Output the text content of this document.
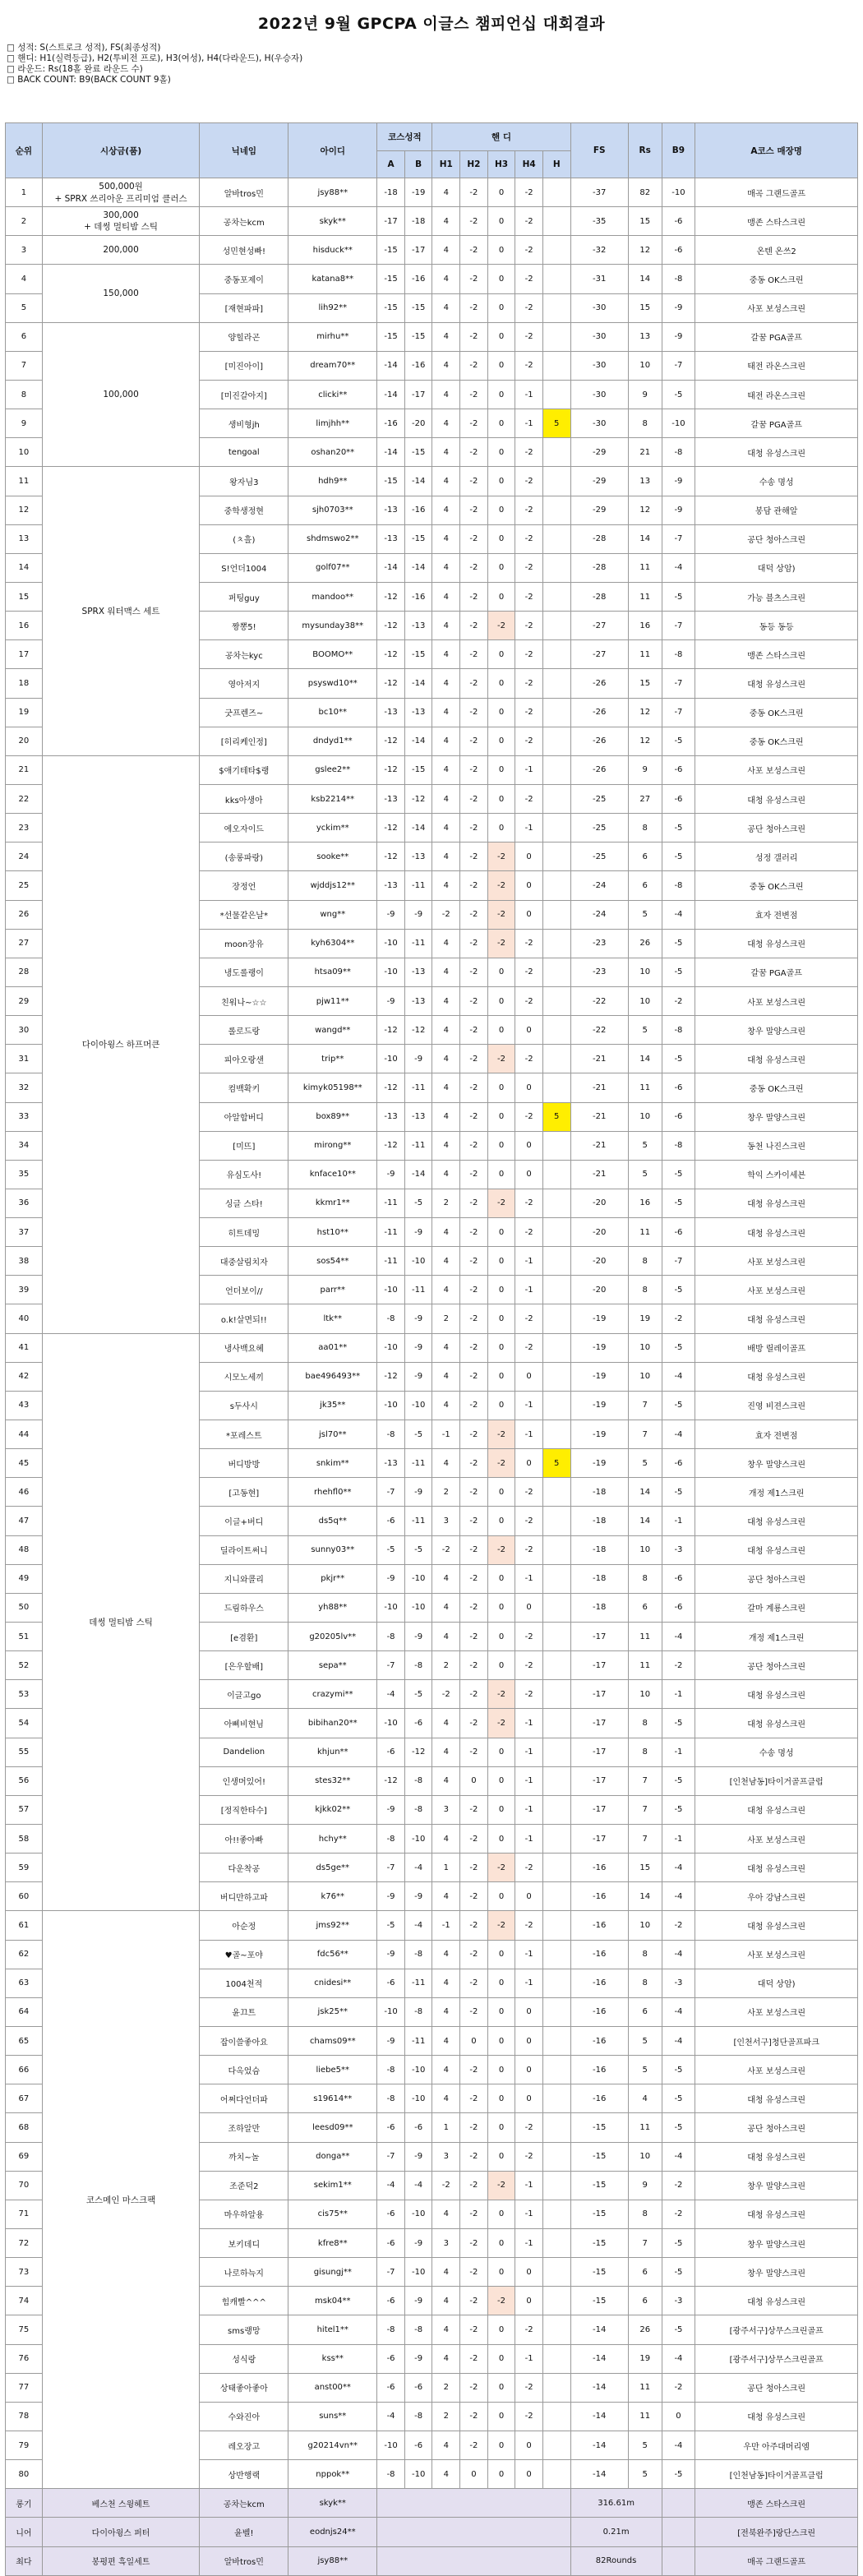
2022년 9월 GPCPA 이글스 챔피언십 대회결과
□ 성적: S(스트로크 성적), FS(최종성적)
□ 핸디: H1(실력등급), H2(투비전 프로), H3(여성), H4(다라운드), H(우승자)
□ 라운드: Rs(18홀 완료 라운드 수)
□ BACK COUNT: B9(BACK COUNT 9홀)
순위	시상금(품)	닉네임	아이디	코스성적		핸 디					FS	Rs	B9	A코스 매장명
				A	B	H1	H2	H3	H4	H				
1	500,000원
+ SPRX 쓰리아운 프리미엄 클러스	알바tros민	jsy88**	-18	-19	4	-2	0	-2		-37	82	-10	매곡 그랜드골프
2	300,000
+ 데썽 멀티밤 스틱	공차는kcm	skyk**	-17	-18	4	-2	0	-2		-35	15	-6	맹존 스타스크린
3	200,000	성민현성빠!	hisduck**	-15	-17	4	-2	0	-2		-32	12	-6	온텐 온쓰2
4	150,000	중동포제이	katana8**	-15	-16	4	-2	0	-2		-31	14	-8	중동 OK스크린
5		[재현파파]	lih92**	-15	-15	4	-2	0	-2		-30	15	-9	사포 보성스크린
6	100,000	양힐라곤	mirhu**	-15	-15	4	-2	0	-2		-30	13	-9	갈꿈 PGA골프
7		[미진아이]	dream70**	-14	-16	4	-2	0	-2		-30	10	-7	태전 라온스크린
8		[미진갈아지]	clicki**	-14	-17	4	-2	0	-1		-30	9	-5	태전 라온스크린
9		생비형jh	limjhh**	-16	-20	4	-2	0	-1	5	-30	8	-10	갈꿈 PGA골프
10		tengoal	oshan20**	-14	-15	4	-2	0	-2		-29	21	-8	대청 유성스크린
11	SPRX 워터맥스 세트	왕자님3	hdh9**	-15	-14	4	-2	0	-2		-29	13	-9	수송 명성
12		중학생정현	sjh0703**	-13	-16	4	-2	0	-2		-29	12	-9	봉담 관해알
13		(ㅊ흘)	shdmswo2**	-13	-15	4	-2	0	-2		-28	14	-7	공단 청아스크린
14		S!언더1004	golf07**	-14	-14	4	-2	0	-2		-28	11	-4	대덕 상암)
15		퍼팅guy	mandoo**	-12	-16	4	-2	0	-2		-28	11	-5	가능 블츠스크린
16		짱뽕5!	mysunday38**	-12	-13	4	-2	-2	-2		-27	16	-7	동등 동등
17		공차는kyc	BOOMO**	-12	-15	4	-2	0	-2		-27	11	-8	맹존 스타스크린
18		영아저지	psyswd10**	-12	-14	4	-2	0	-2		-26	15	-7	대청 유성스크린
19		굿프렌즈~	bc10**	-13	-13	4	-2	0	-2		-26	12	-7	중동 OK스크린
20		[히리케인정]	dndyd1**	-12	-14	4	-2	0	-2		-26	12	-5	중동 OK스크린
21	다이아윙스 하프머큰	$애기테타$랭	gslee2**	-12	-15	4	-2	0	-1		-26	9	-6	사포 보성스크린
22		kks아생아	ksb2214**	-13	-12	4	-2	0	-2		-25	27	-6	대청 유성스크린
23		에오자이드	yckim**	-12	-14	4	-2	0	-1		-25	8	-5	공단 청아스크린
24		(송롱파랑)	sooke**	-12	-13	4	-2	-2	0		-25	6	-5	성정 갤러리
25		장정언	wjddjs12**	-13	-11	4	-2	-2	0		-24	6	-8	중동 OK스크린
26		*선물같은날*	wng**	-9	-9	-2	-2	-2	0		-24	5	-4	효자 전변점
27		moon장유	kyh6304**	-10	-11	4	-2	-2	-2		-23	26	-5	대청 유성스크린
28		냉도롤랭이	htsa09**	-10	-13	4	-2	0	-2		-23	10	-5	갈꿈 PGA골프
29		친워나~☆☆	pjw11**	-9	-13	4	-2	0	-2		-22	10	-2	사포 보성스크린
30		롤로드랑	wangd**	-12	-12	4	-2	0	0		-22	5	-8	창우 말양스크린
31		피아오랑샌	trip**	-10	-9	4	-2	-2	-2		-21	14	-5	대청 유성스크린
32		컴백확키	kimyk05198**	-12	-11	4	-2	0	0		-21	11	-6	중동 OK스크린
33		아알합버디	box89**	-13	-13	4	-2	0	-2	5	-21	10	-6	창우 말양스크린
34		[미뜨]	mirong**	-12	-11	4	-2	0	0		-21	5	-8	동천 나진스크린
35		유심도사!	knface10**	-9	-14	4	-2	0	0		-21	5	-5	학익 스카이세븐
36		싱글 스타!	kkmr1**	-11	-5	2	-2	-2	-2		-20	16	-5	대청 유성스크린
37		히트데밍	hst10**	-11	-9	4	-2	0	-2		-20	11	-6	대청 유성스크린
38		대중살림치자	sos54**	-11	-10	4	-2	0	-1		-20	8	-7	사포 보성스크린
39		언더보이//	parr**	-10	-11	4	-2	0	-1		-20	8	-5	사포 보성스크린
40		o.k!살면되!!	ltk**	-8	-9	2	-2	0	-2		-19	19	-2	대청 유성스크린
41	데썽 멀티밤 스틱	냉사백요혜	aa01**	-10	-9	4	-2	0	-2		-19	10	-5	배방 릴레이골프
42		시모노세끼	bae496493**	-12	-9	4	-2	0	0		-19	10	-4	대청 유성스크린
43		s두사시	jk35**	-10	-10	4	-2	0	-1		-19	7	-5	진영 비젼스크린
44		*포레스트	jsl70**	-8	-5	-1	-2	-2	-1		-19	7	-4	효자 전변점
45		버디방방	snkim**	-13	-11	4	-2	-2	0	5	-19	5	-6	창우 말양스크린
46		[고동현]	rhehfl0**	-7	-9	2	-2	0	-2		-18	14	-5	개정 제1스크린
47		이글+버디	ds5q**	-6	-11	3	-2	0	-2		-18	14	-1	대청 유성스크린
48		딜라이트써니	sunny03**	-5	-5	-2	-2	-2	-2		-18	10	-3	대청 유성스크린
49		지니와콜리	pkjr**	-9	-10	4	-2	0	-1		-18	8	-6	공단 청아스크린
50		드림하우스	yh88**	-10	-10	4	-2	0	0		-18	6	-6	갈마 계룡스크린
51		[e겸환]	g20205lv**	-8	-9	4	-2	0	-2		-17	11	-4	개정 제1스크린
52		[은우할배]	sepa**	-7	-8	2	-2	0	-2		-17	11	-2	공단 청아스크린
53		이글고go	crazymi**	-4	-5	-2	-2	-2	-2		-17	10	-1	대청 유성스크린
54		아삐비현님	bibihan20**	-10	-6	4	-2	-2	-1		-17	8	-5	대청 유성스크린
55		Dandelion	khjun**	-6	-12	4	-2	0	-1		-17	8	-1	수송 명성
56		인생머있어!	stes32**	-12	-8	4	0	0	-1		-17	7	-5	[인천남동]타이거골프클럽
57		[정직한타수]	kjkk02**	-9	-8	3	-2	0	-1		-17	7	-5	대청 유성스크린
58		아!!좋아빠	hchy**	-8	-10	4	-2	0	-1		-17	7	-1	사포 보성스크린
59		다운착공	ds5ge**	-7	-4	1	-2	-2	-2		-16	15	-4	대청 유성스크린
60		버디만하고파	k76**	-9	-9	4	-2	0	0		-16	14	-4	우아 강남스크린
61	코스메인 마스크팩	아순정	jms92**	-5	-4	-1	-2	-2	-2		-16	10	-2	대청 유성스크린
62		♥골~포야	fdc56**	-9	-8	4	-2	0	-1		-16	8	-4	사포 보성스크린
63		1004천적	cnidesi**	-6	-11	4	-2	0	-1		-16	8	-3	대덕 상암)
64		윤끄트	jsk25**	-10	-8	4	-2	0	0		-16	6	-4	사포 보성스크린
65		잡이쓸좋아요	chams09**	-9	-11	4	0	0	0		-16	5	-4	[인천서구]청단골프파크
66		다옥었슴	liebe5**	-8	-10	4	-2	0	0		-16	5	-5	사포 보성스크린
67		어쩌다언더파	s19614**	-8	-10	4	-2	0	0		-16	4	-5	대청 유성스크린
68		조하알만	leesd09**	-6	-6	1	-2	0	-2		-15	11	-5	공단 청아스크린
69		까치~놀	donga**	-7	-9	3	-2	0	-2		-15	10	-4	대청 유성스크린
70		조준덕2	sekim1**	-4	-4	-2	-2	-2	-1		-15	9	-2	창우 말양스크린
71		마우하알용	cis75**	-6	-10	4	-2	0	-1		-15	8	-2	대청 유성스크린
72		보키데디	kfre8**	-6	-9	3	-2	0	-1		-15	7	-5	창우 말양스크린
73		나로하늑지	gisungj**	-7	-10	4	-2	0	0		-15	6	-5	창우 말양스크린
74		힘캐빨^^^	msk04**	-6	-9	4	-2	-2	0		-15	6	-3	대청 유성스크린
75		sms랭망	hitel1**	-8	-8	4	-2	0	-2		-14	26	-5	[광주서구]상무스크린골프
76		성식랑	kss**	-6	-9	4	-2	0	-1		-14	19	-4	[광주서구]상무스크린골프
77		상태좋아좋아	anst00**	-6	-6	2	-2	0	-2		-14	11	-2	공단 청아스크린
78		수와진아	suns**	-4	-8	2	-2	0	-2		-14	11	0	대청 유성스크린
79		레오장고	g20214vn**	-10	-6	4	-2	0	0		-14	5	-4	우만 아주대머리엠
80		상반행랙	nppok**	-8	-10	4	0	0	0		-14	5	-5	[인천남동]타이거골프클럽
롱기	베스천 스윙헤트	공차는kcm	skyk**								316.61m			맹존 스타스크린
니어	다이아윙스 퍼터	윤벨!	eodnjs24**								0.21m			[전북완주]랑단스크린
최다	봉평편 흑일세트	알바tros민	jsy88**								82Rounds			매곡 그랜드골프
